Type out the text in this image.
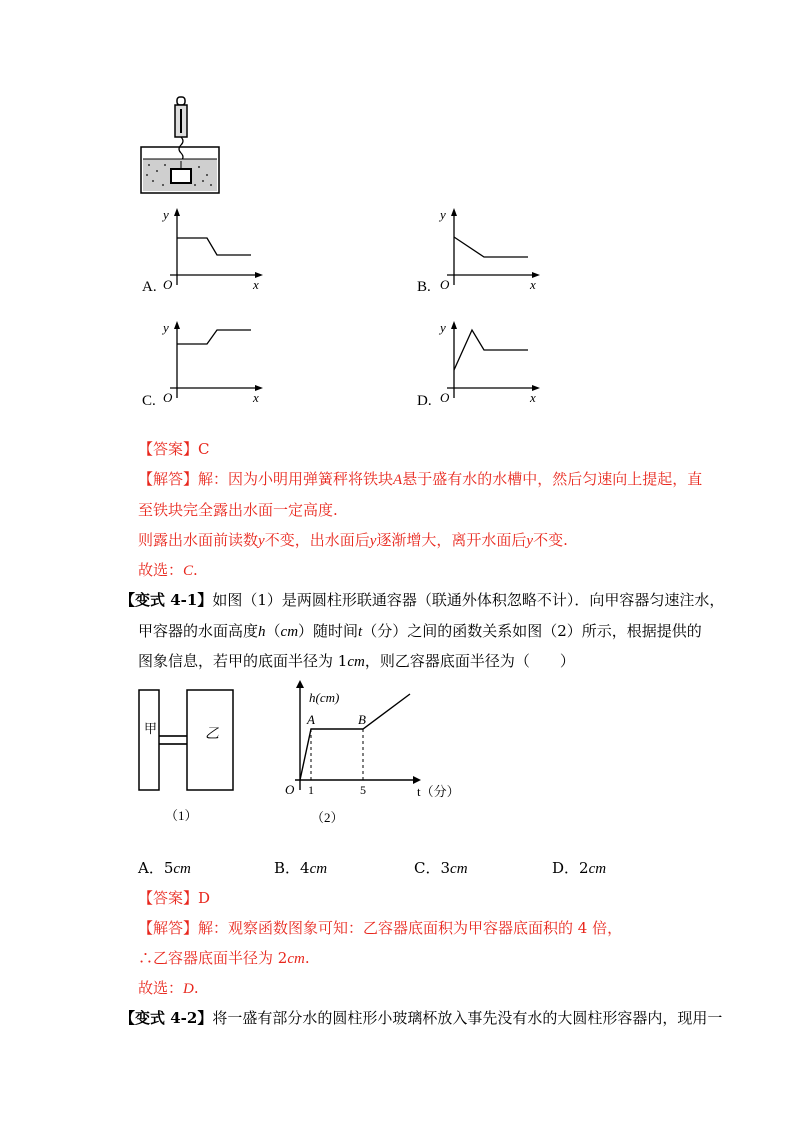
A.
y
O	x	B.
y
O	x
C.
y
O	x	D.
y
O	x
【答案】C
【解答】解：因为小明用弹簧秤将铁块A悬于盛有水的水槽中，然后匀速向上提起，直
至铁块完全露出水面一定高度.
则露出水面前读数y不变，出水面后y逐渐增大，离开水面后y不变.
故选：C.
【变式 4-1】如图（1）是两圆柱形联通容器（联通外体积忽略不计）．向甲容器匀速注水，
甲容器的水面高度h（cm）随时间t（分）之间的函数关系如图（2）所示，根据提供的
图象信息，若甲的底面半径为 1cm，则乙容器底面半径为（　　）
甲	乙
（1）
h(cm)
A	B
O 1	5	t（分）
（2）
A．5cm	B．4cm	C．3cm	D．2cm
【答案】D
【解答】解：观察函数图象可知：乙容器底面积为甲容器底面积的 4 倍，
∴乙容器底面半径为 2cm.
故选：D.
【变式 4-2】将一盛有部分水的圆柱形小玻璃杯放入事先没有水的大圆柱形容器内，现用一
